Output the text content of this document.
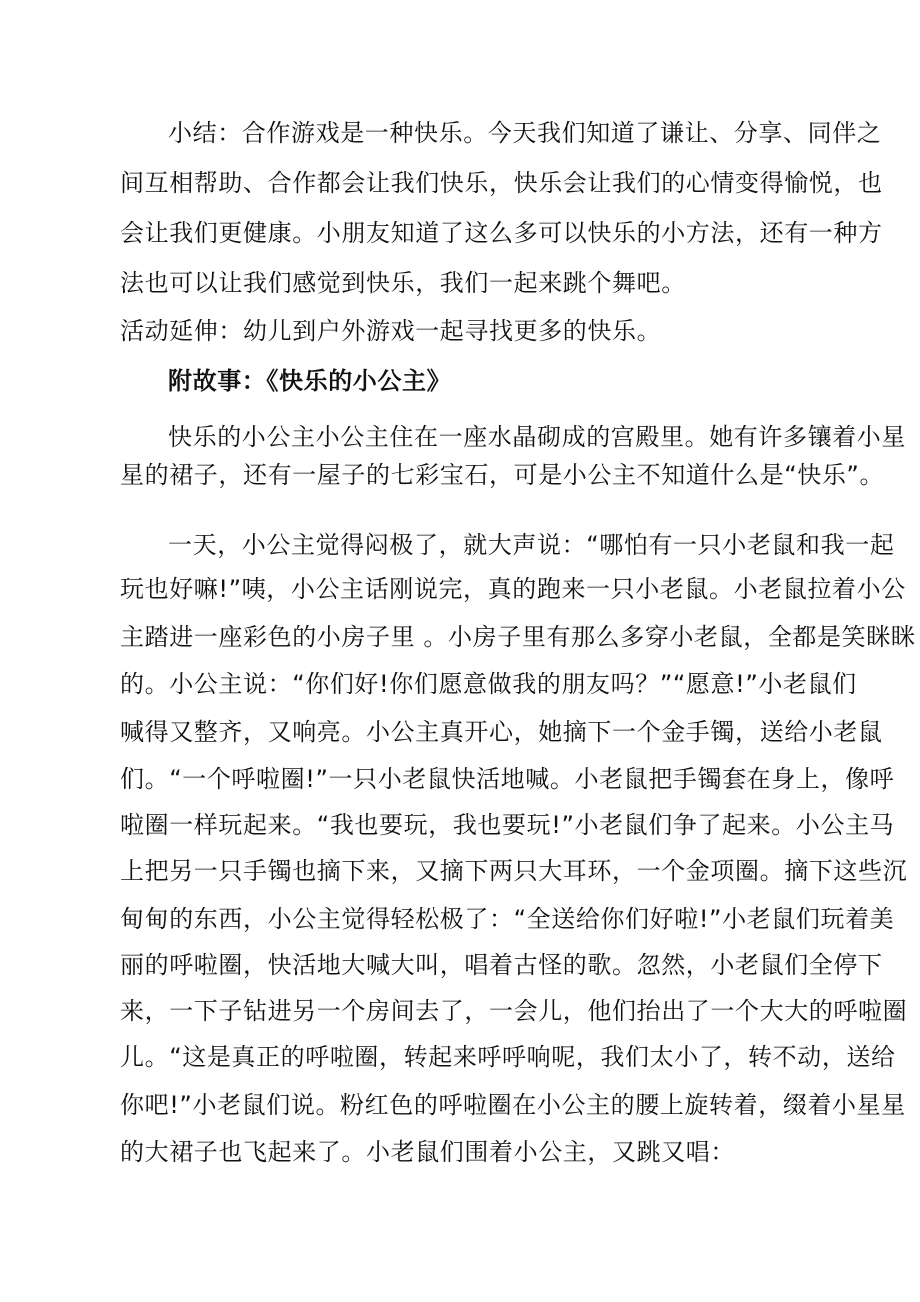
小结：合作游戏是一种快乐。今天我们知道了谦让、分享、同伴之
间互相帮助、合作都会让我们快乐，快乐会让我们的心情变得愉悦，也
会让我们更健康。小朋友知道了这么多可以快乐的小方法，还有一种方
法也可以让我们感觉到快乐，我们一起来跳个舞吧。
活动延伸：幼儿到户外游戏一起寻找更多的快乐。
附故事：《快乐的小公主》
快乐的小公主小公主住在一座水晶砌成的宫殿里。她有许多镶着小星
星的裙子，还有一屋子的七彩宝石，可是小公主不知道什么是“快乐”。
一天，小公主觉得闷极了，就大声说：“哪怕有一只小老鼠和我一起
玩也好嘛!”咦，小公主话刚说完，真的跑来一只小老鼠。小老鼠拉着小公
主踏进一座彩色的小房子里 。小房子里有那么多穿小老鼠，全都是笑眯眯
的。小公主说：“你们好!你们愿意做我的朋友吗？”“愿意!”小老鼠们
喊得又整齐，又响亮。小公主真开心，她摘下一个金手镯，送给小老鼠
们。“一个呼啦圈!”一只小老鼠快活地喊。小老鼠把手镯套在身上，像呼
啦圈一样玩起来。“我也要玩，我也要玩!”小老鼠们争了起来。小公主马
上把另一只手镯也摘下来，又摘下两只大耳环，一个金项圈。摘下这些沉
甸甸的东西，小公主觉得轻松极了：“全送给你们好啦!”小老鼠们玩着美
丽的呼啦圈，快活地大喊大叫，唱着古怪的歌。忽然，小老鼠们全停下
来，一下子钻进另一个房间去了，一会儿，他们抬出了一个大大的呼啦圈
儿。“这是真正的呼啦圈，转起来呼呼响呢，我们太小了，转不动，送给
你吧!”小老鼠们说。粉红色的呼啦圈在小公主的腰上旋转着，缀着小星星
的大裙子也飞起来了。小老鼠们围着小公主，又跳又唱：
